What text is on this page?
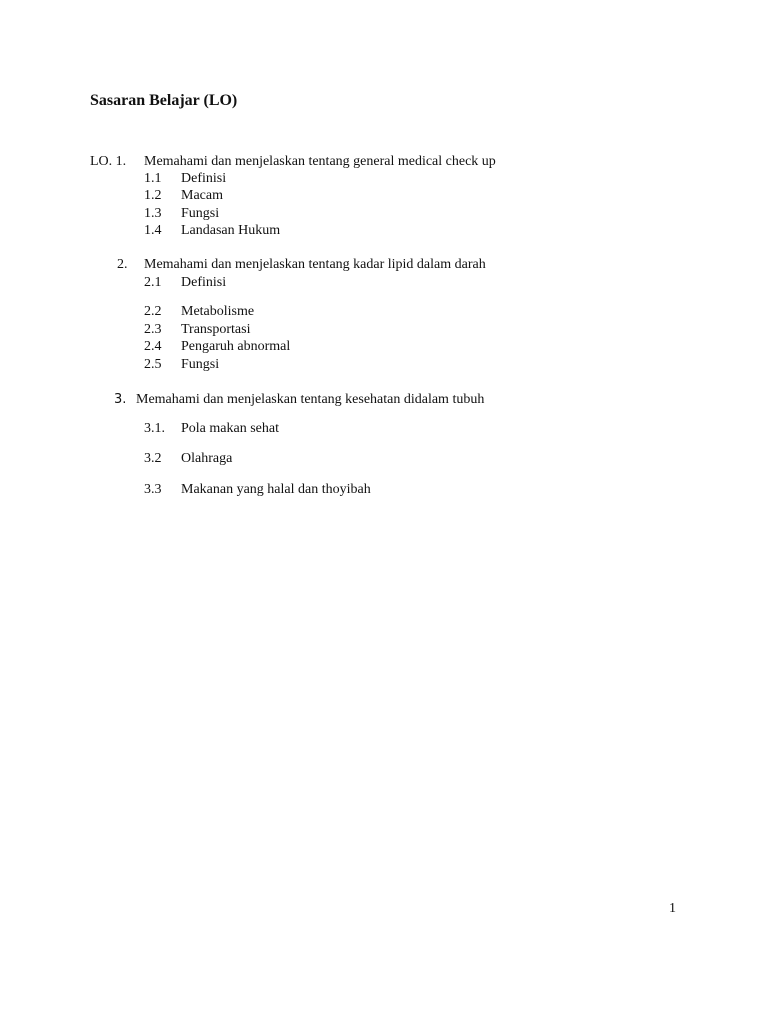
Sasaran Belajar (LO)
LO. 1. Memahami dan menjelaskan tentang general medical check up
1.1 Definisi
1.2 Macam
1.3 Fungsi
1.4 Landasan Hukum
2. Memahami dan menjelaskan tentang kadar lipid dalam darah
2.1 Definisi
2.2 Metabolisme
2.3 Transportasi
2.4 Pengaruh abnormal
2.5 Fungsi
3. Memahami dan menjelaskan tentang kesehatan didalam tubuh
3.1. Pola makan sehat
3.2 Olahraga
3.3 Makanan yang halal dan thoyibah
1
